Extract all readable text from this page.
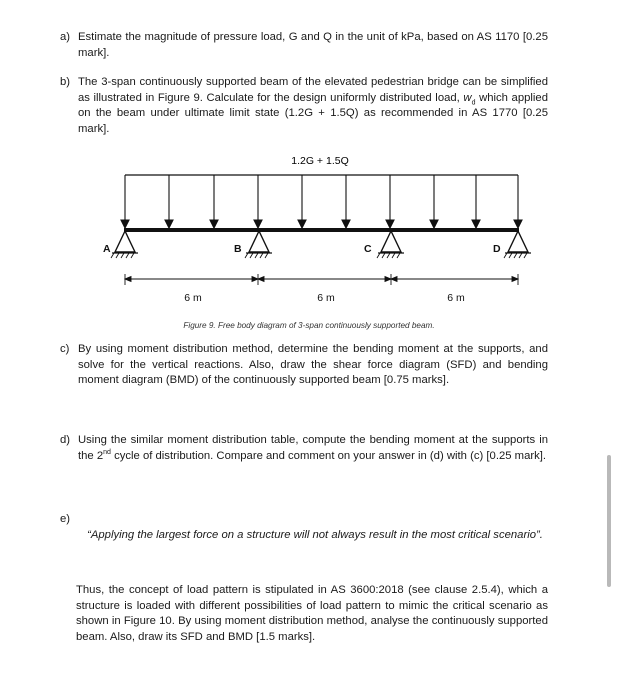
a) Estimate the magnitude of pressure load, G and Q in the unit of kPa, based on AS 1170 [0.25 mark].

b) The 3-span continuously supported beam of the elevated pedestrian bridge can be simplified as illustrated in Figure 9. Calculate for the design uniformly distributed load, $w_d$ which applied on the beam under ultimate limit state (1.2G + 1.5Q) as recommended in AS 1770 [0.25 mark].

1.2G + 1.5Q
A	B	C	D
6 m	6 m	6 m
Figure 9. Free body diagram of 3-span continuously supported beam.
c) By using moment distribution method, determine the bending moment at the supports, and solve for the vertical reactions. Also, draw the shear force diagram (SFD) and bending moment diagram (BMD) of the continuously supported beam [0.75 marks].

d) Using the similar moment distribution table, compute the bending moment at the supports in the 2nd cycle of distribution. Compare and comment on your answer in (d) with (c) [0.25 mark].

e)
“Applying the largest force on a structure will not always result in the most critical scenario”.

Thus, the concept of load pattern is stipulated in AS 3600:2018 (see clause 2.5.4), which a structure is loaded with different possibilities of load pattern to mimic the critical scenario as shown in Figure 10. By using moment distribution method, analyse the continuously supported beam. Also, draw its SFD and BMD [1.5 marks].
